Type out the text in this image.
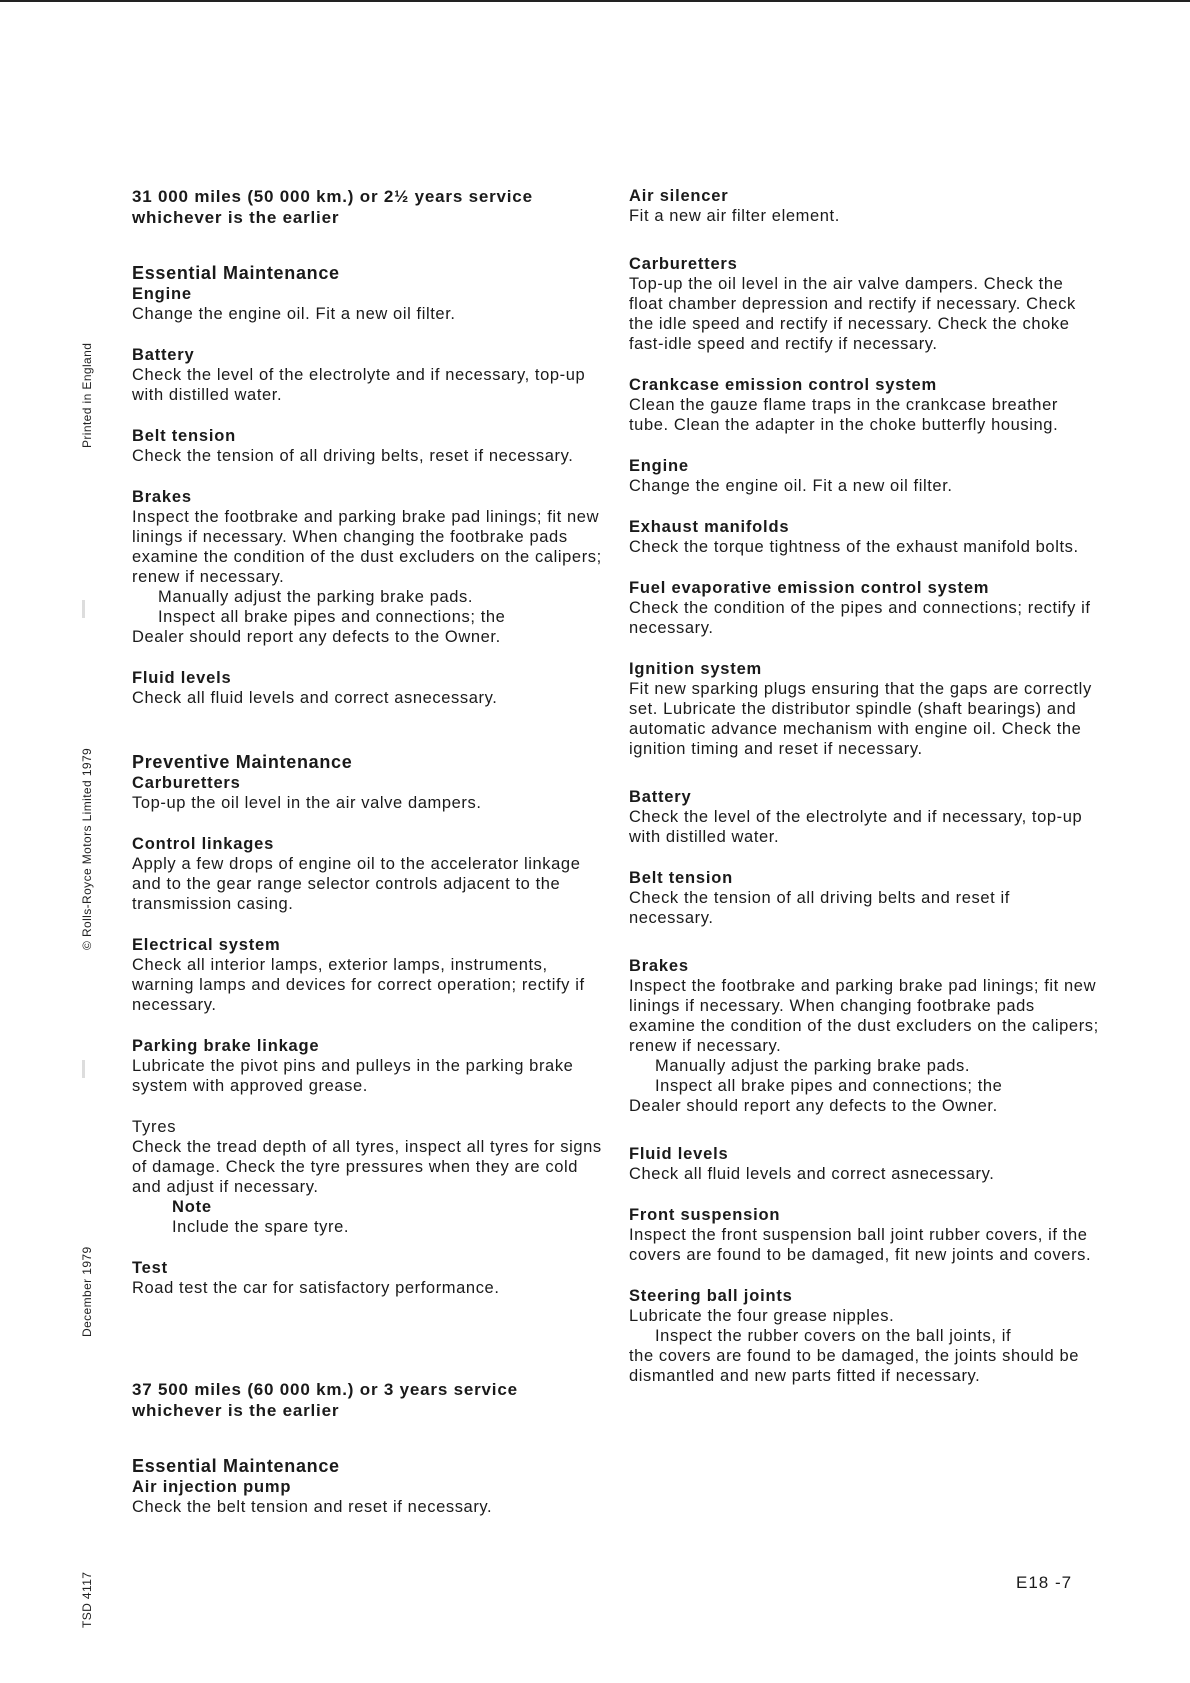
Printed in England
© Rolls-Royce Motors Limited 1979
December 1979
TSD 4117
31 000 miles (50 000 km.) or 2½ years service whichever is the earlier
Essential Maintenance
Engine
Change the engine oil. Fit a new oil filter.
Battery
Check the level of the electrolyte and if necessary, top-up with distilled water.
Belt tension
Check the tension of all driving belts, reset if necessary.
Brakes
Inspect the footbrake and parking brake pad linings; fit new linings if necessary. When changing the footbrake pads examine the condition of the dust excluders on the calipers; renew if necessary.
Manually adjust the parking brake pads.
Inspect all brake pipes and connections; the
Dealer should report any defects to the Owner.
Fluid levels
Check all fluid levels and correct asnecessary.
Preventive Maintenance
Carburetters
Top-up the oil level in the air valve dampers.
Control linkages
Apply a few drops of engine oil to the accelerator linkage and to the gear range selector controls adjacent to the transmission casing.
Electrical system
Check all interior lamps, exterior lamps, instruments, warning lamps and devices for correct operation; rectify if necessary.
Parking brake linkage
Lubricate the pivot pins and pulleys in the parking brake system with approved grease.
Tyres
Check the tread depth of all tyres, inspect all tyres for signs of damage. Check the tyre pressures when they are cold and adjust if necessary.
Note
Include the spare tyre.
Test
Road test the car for satisfactory performance.
37 500 miles (60 000 km.) or 3 years service whichever is the earlier
Essential Maintenance
Air injection pump
Check the belt tension and reset if necessary.
Air silencer
Fit a new air filter element.
Carburetters
Top-up the oil level in the air valve dampers. Check the float chamber depression and rectify if necessary. Check the idle speed and rectify if necessary. Check the choke fast-idle speed and rectify if necessary.
Crankcase emission control system
Clean the gauze flame traps in the crankcase breather tube. Clean the adapter in the choke butterfly housing.
Engine
Change the engine oil. Fit a new oil filter.
Exhaust manifolds
Check the torque tightness of the exhaust manifold bolts.
Fuel evaporative emission control system
Check the condition of the pipes and connections; rectify if necessary.
Ignition system
Fit new sparking plugs ensuring that the gaps are correctly set. Lubricate the distributor spindle (shaft bearings) and automatic advance mechanism with engine oil. Check the ignition timing and reset if necessary.
Battery
Check the level of the electrolyte and if necessary, top-up with distilled water.
Belt tension
Check the tension of all driving belts and reset if necessary.
Brakes
Inspect the footbrake and parking brake pad linings; fit new linings if necessary. When changing footbrake pads examine the condition of the dust excluders on the calipers; renew if necessary.
Manually adjust the parking brake pads.
Inspect all brake pipes and connections; the
Dealer should report any defects to the Owner.
Fluid levels
Check all fluid levels and correct asnecessary.
Front suspension
Inspect the front suspension ball joint rubber covers, if the covers are found to be damaged, fit new joints and covers.
Steering ball joints
Lubricate the four grease nipples.
Inspect the rubber covers on the ball joints, if
the covers are found to be damaged, the joints should be dismantled and new parts fitted if necessary.
E18 -7
